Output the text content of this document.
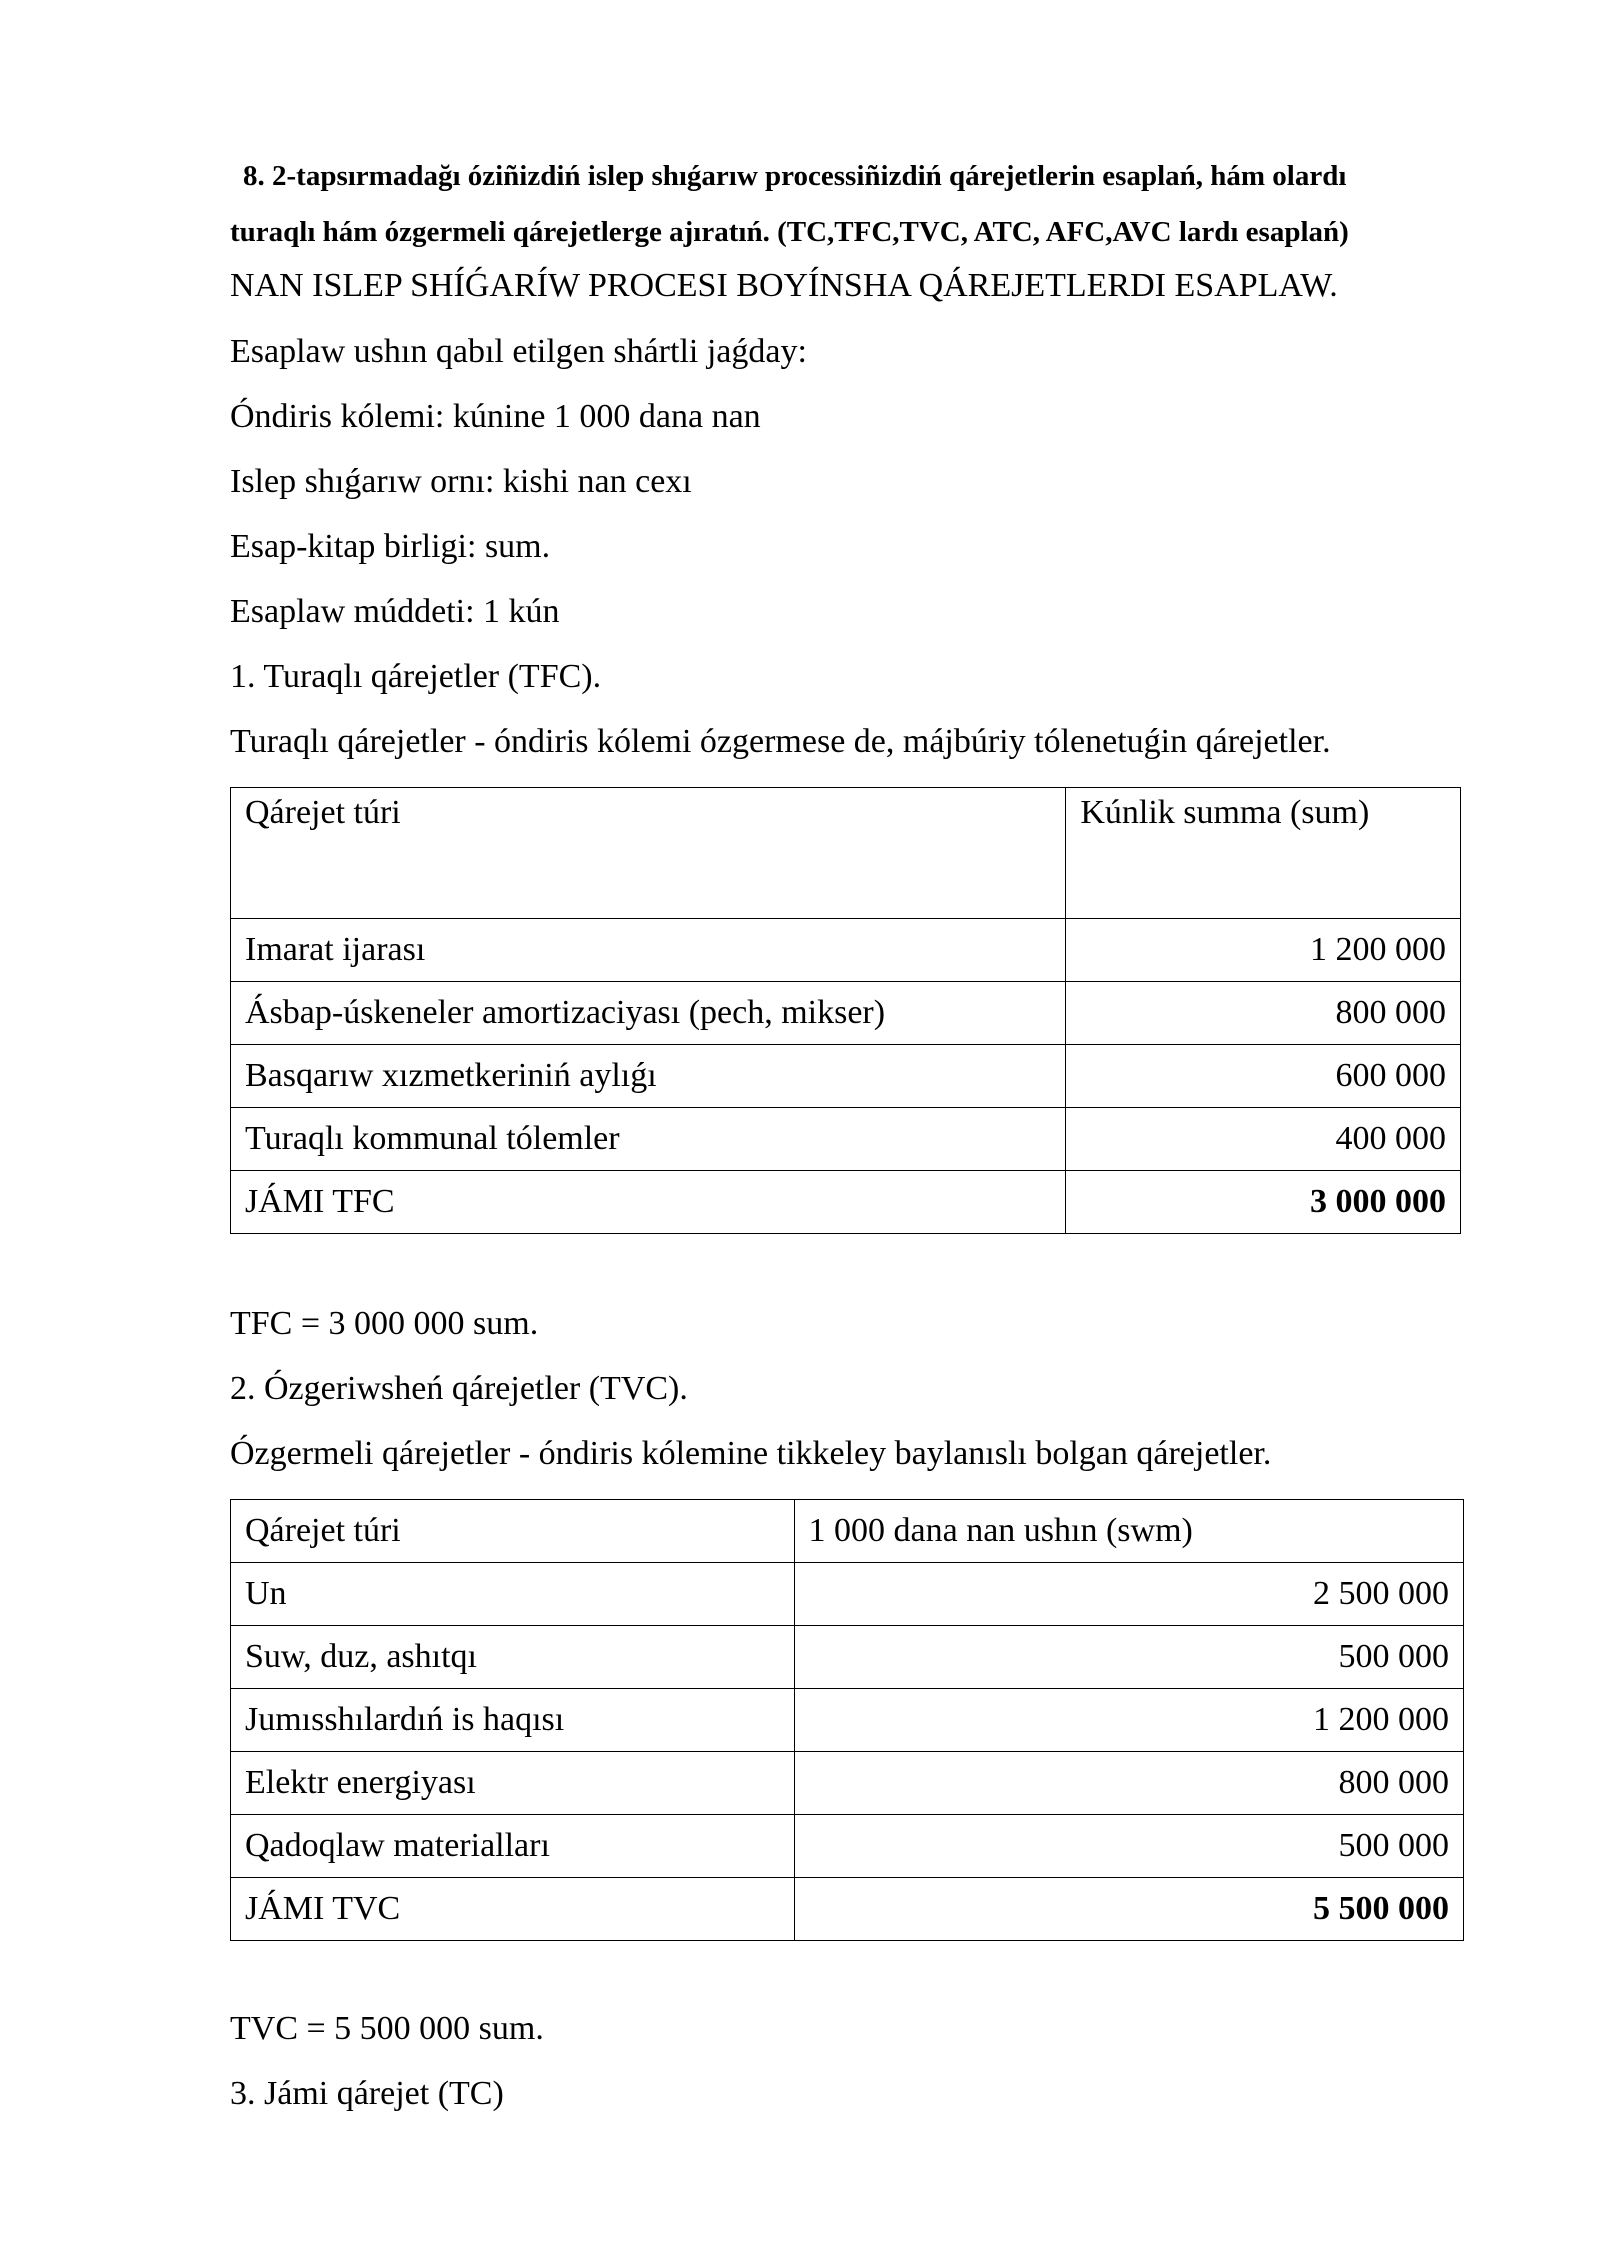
8. 2-tapsırmadağı óziñizdiń islep shıǵarıw processiñizdiń qárejetlerin esaplań, hám olardı
turaqlı hám ózgermeli qárejetlerge ajıratıń. (TC,TFC,TVC, ATC, AFC,AVC lardı esaplań)
NAN ISLEP SHÍǴARÍW PROCESI BOYÍNSHA QÁREJETLERDI ESAPLAW.
Esaplaw ushın qabıl etilgen shártli jaǵday:
Óndiris kólemi: kúnine 1 000 dana nan
Islep shıǵarıw ornı: kishi nan cexı
Esap-kitap birligi: sum.
Esaplaw múddeti: 1 kún
1. Turaqlı qárejetler (TFC).
Turaqlı qárejetler - óndiris kólemi ózgermese de, májbúriy tólenetuǵin qárejetler.
Qárejet túri	Kúnlik summa (sum)
Imarat ijarası	1 200 000
Ásbap-úskeneler amortizaciyası (pech, mikser)	800 000
Basqarıw xızmetkeriniń aylıǵı	600 000
Turaqlı kommunal tólemler	400 000
JÁMI TFC	3 000 000
TFC = 3 000 000 sum.
2. Ózgeriwsheń qárejetler (TVC).
Ózgermeli qárejetler - óndiris kólemine tikkeley baylanıslı bolgan qárejetler.
Qárejet túri	1 000 dana nan ushın (swm)
Un	2 500 000
Suw, duz, ashıtqı	500 000
Jumısshılardıń is haqısı	1 200 000
Elektr energiyası	800 000
Qadoqlaw materialları	500 000
JÁMI TVC	5 500 000
TVC = 5 500 000 sum.
3. Jámi qárejet (TC)
